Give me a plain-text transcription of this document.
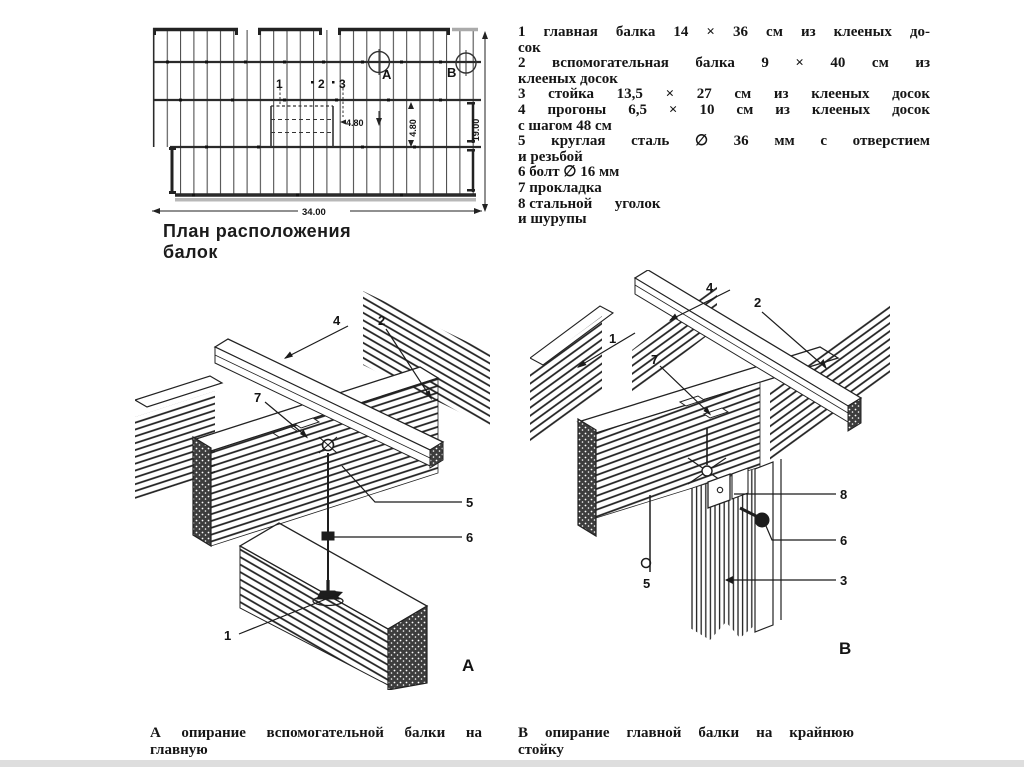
1	2 3
А	В
4.80	4.80	19.00
34.00
План расположения
балок
1 главная балка 14 × 36 см из клееных до-
сок
2 вспомогательная балка 9 × 40 см из
клееных досок
3 стойка 13,5 × 27 см из клееных досок
4 прогоны 6,5 × 10 см из клееных досок
с шагом 48 см
5 круглая сталь ∅ 36 мм с отверстием
и резьбой
6 болт ∅ 16 мм
7 прокладка
8 стальной      уголок
и шурупы
4	2
7
5
6
1
А
4
2
1
7
8
6
3
5
В
А опирание вспомогательной балки на
главную
В опирание главной балки на крайнюю
стойку
